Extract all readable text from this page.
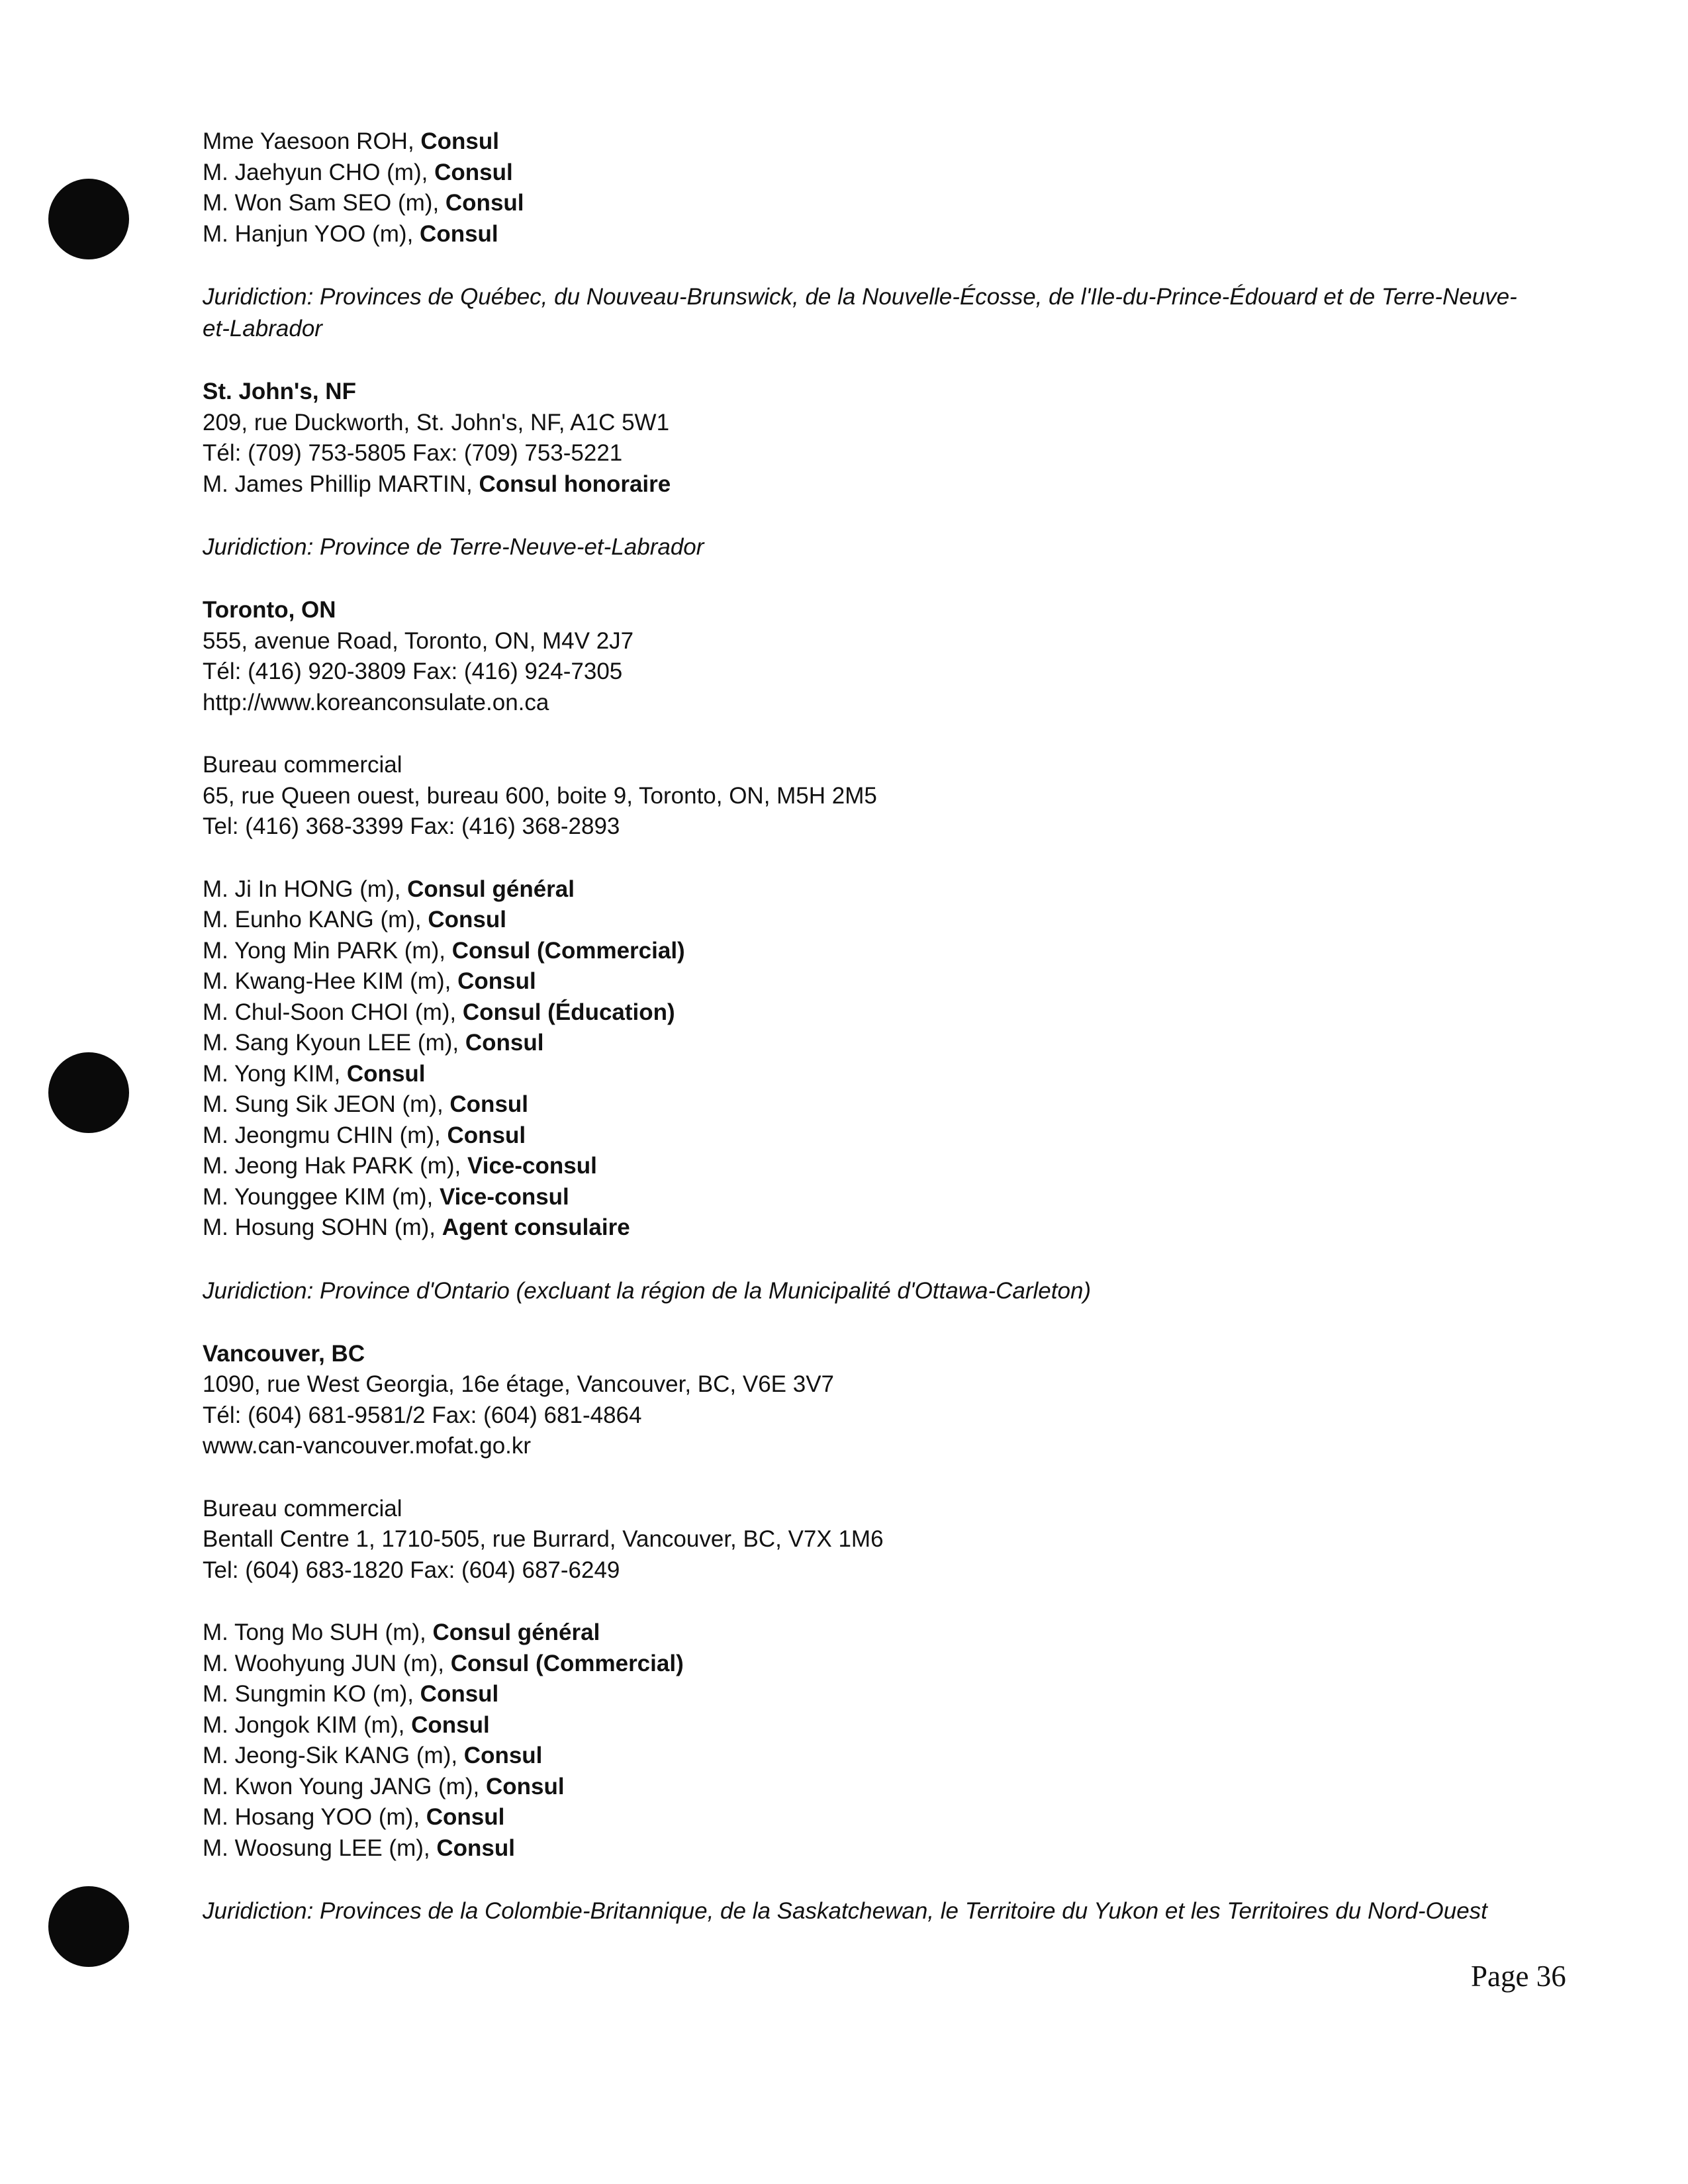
Mme Yaesoon ROH, Consul
M. Jaehyun CHO (m), Consul
M. Won Sam SEO (m), Consul
M. Hanjun YOO (m), Consul
Juridiction: Provinces de Québec, du Nouveau-Brunswick, de la Nouvelle-Écosse, de l'Ile-du-Prince-Édouard et de Terre-Neuve-et-Labrador
St. John's, NF
209, rue Duckworth, St. John's, NF, A1C 5W1
Tél: (709) 753-5805 Fax: (709) 753-5221
M. James Phillip MARTIN, Consul honoraire
Juridiction: Province de Terre-Neuve-et-Labrador
Toronto, ON
555, avenue Road, Toronto, ON, M4V 2J7
Tél: (416) 920-3809 Fax: (416) 924-7305
http://www.koreanconsulate.on.ca
Bureau commercial
65, rue Queen ouest, bureau 600, boite 9, Toronto, ON, M5H 2M5
Tel: (416) 368-3399 Fax: (416) 368-2893
M. Ji In HONG (m), Consul général
M. Eunho KANG (m), Consul
M. Yong Min PARK (m), Consul (Commercial)
M. Kwang-Hee KIM (m), Consul
M. Chul-Soon CHOI (m), Consul (Éducation)
M. Sang Kyoun LEE (m), Consul
M. Yong KIM, Consul
M. Sung Sik JEON (m), Consul
M. Jeongmu CHIN (m), Consul
M. Jeong Hak PARK (m), Vice-consul
M. Younggee KIM (m), Vice-consul
M. Hosung SOHN (m), Agent consulaire
Juridiction: Province d'Ontario (excluant la région de la Municipalité d'Ottawa-Carleton)
Vancouver, BC
1090, rue West Georgia, 16e étage, Vancouver, BC, V6E 3V7
Tél: (604) 681-9581/2 Fax: (604) 681-4864
www.can-vancouver.mofat.go.kr
Bureau commercial
Bentall Centre 1, 1710-505, rue Burrard, Vancouver, BC, V7X 1M6
Tel: (604) 683-1820 Fax: (604) 687-6249
M. Tong Mo SUH (m), Consul général
M. Woohyung JUN (m), Consul (Commercial)
M. Sungmin KO (m), Consul
M. Jongok KIM (m), Consul
M. Jeong-Sik KANG (m), Consul
M. Kwon Young JANG (m), Consul
M. Hosang YOO (m), Consul
M. Woosung LEE (m), Consul
Juridiction: Provinces de la Colombie-Britannique, de la Saskatchewan, le Territoire du Yukon et les Territoires du Nord-Ouest
Page 36
